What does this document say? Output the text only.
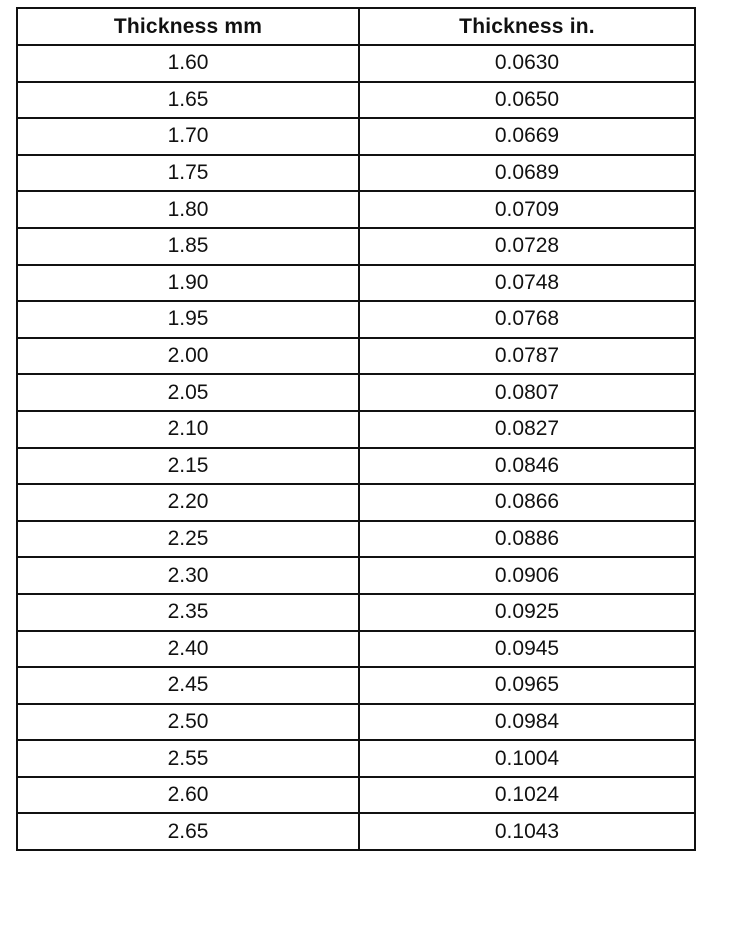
Thickness mm	Thickness in.
1.60	0.0630
1.65	0.0650
1.70	0.0669
1.75	0.0689
1.80	0.0709
1.85	0.0728
1.90	0.0748
1.95	0.0768
2.00	0.0787
2.05	0.0807
2.10	0.0827
2.15	0.0846
2.20	0.0866
2.25	0.0886
2.30	0.0906
2.35	0.0925
2.40	0.0945
2.45	0.0965
2.50	0.0984
2.55	0.1004
2.60	0.1024
2.65	0.1043
